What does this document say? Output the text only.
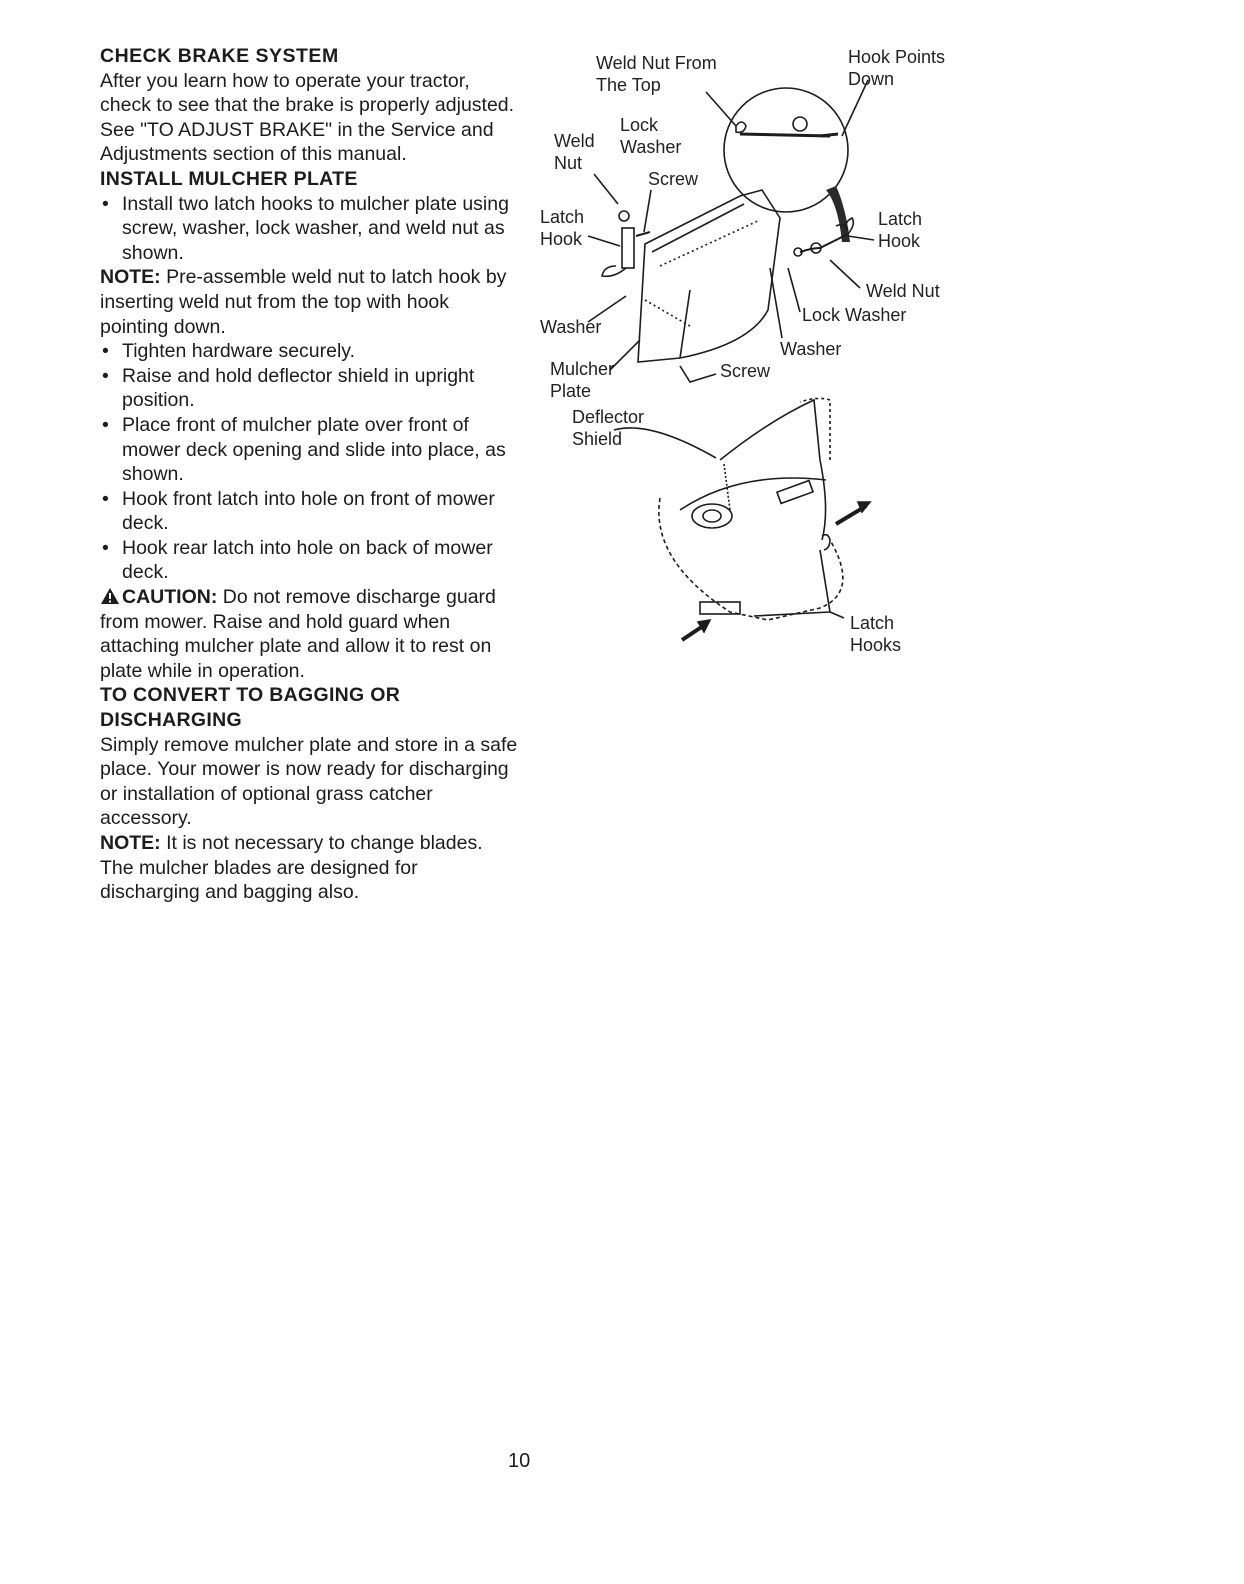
CHECK BRAKE SYSTEM

After you learn how to operate your tractor, check to see that the brake is properly adjusted. See "TO ADJUST BRAKE" in the Service and Adjustments section of this manual.

INSTALL MULCHER PLATE

• Install two latch hooks to mulcher plate using screw, washer, lock washer, and weld nut as shown.

NOTE: Pre-assemble weld nut to latch hook by inserting weld nut from the top with hook pointing down.

• Tighten hardware securely.
• Raise and hold deflector shield in upright position.
• Place front of mulcher plate over front of mower deck opening and slide into place, as shown.
• Hook front latch into hole on front of mower deck.
• Hook rear latch into hole on back of mower deck.

CAUTION: Do not remove discharge guard from mower. Raise and hold guard when attaching mulcher plate and allow it to rest on plate while in operation.

TO CONVERT TO BAGGING OR DISCHARGING

Simply remove mulcher plate and store in a safe place. Your mower is now ready for discharging or installation of optional grass catcher accessory.

NOTE: It is not necessary to change blades. The mulcher blades are designed for discharging and bagging also.

Weld Nut From
The Top
Hook Points
Down
Lock
Washer
Weld
Nut
Screw
Latch
Hook
Latch
Hook
Weld Nut
Lock Washer
Washer
Washer
Mulcher
Plate
Screw
Deflector
Shield
Latch
Hooks
10
